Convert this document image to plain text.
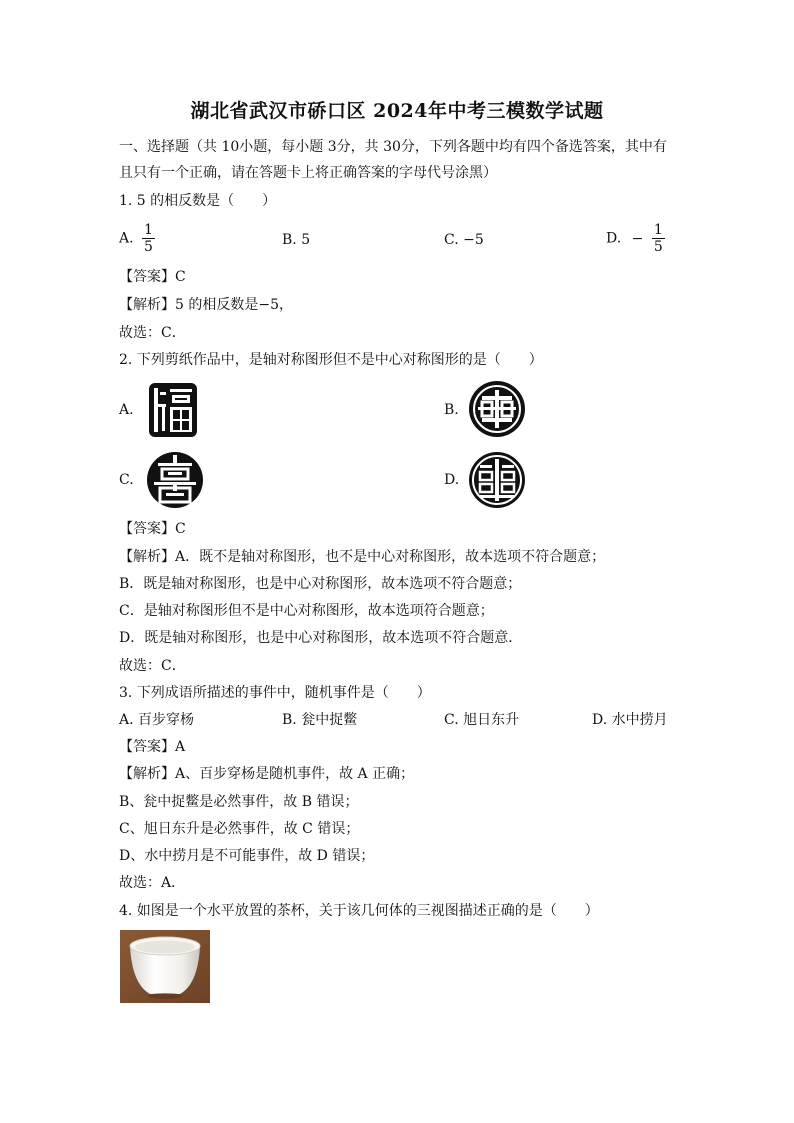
湖北省武汉市硚口区 2024年中考三模数学试题
一、选择题（共 10小题，每小题 3分，共 30分，下列各题中均有四个备选答案，其中有
且只有一个正确，请在答题卡上将正确答案的字母代号涂黑）
1. 5 的相反数是（　　）
A. $\frac{1}{5}$	B. 5	C. −5	D. − $\frac{1}{5}$
【答案】C
【解析】5 的相反数是−5，
故选：C．
2. 下列剪纸作品中，是轴对称图形但不是中心对称图形的是（　　）
A.	B.
C.	D.
【答案】C
【解析】A．既不是轴对称图形，也不是中心对称图形，故本选项不符合题意；
B．既是轴对称图形，也是中心对称图形，故本选项不符合题意；
C．是轴对称图形但不是中心对称图形，故本选项符合题意；
D．既是轴对称图形，也是中心对称图形，故本选项不符合题意．
故选：C．
3. 下列成语所描述的事件中，随机事件是（　　）
A. 百步穿杨	B. 瓮中捉鳖	C. 旭日东升	D. 水中捞月
【答案】A
【解析】A、百步穿杨是随机事件，故 A 正确；
B、瓮中捉鳖是必然事件，故 B 错误；
C、旭日东升是必然事件，故 C 错误；
D、水中捞月是不可能事件，故 D 错误；
故选：A．
4. 如图是一个水平放置的茶杯，关于该几何体的三视图描述正确的是（　　）
